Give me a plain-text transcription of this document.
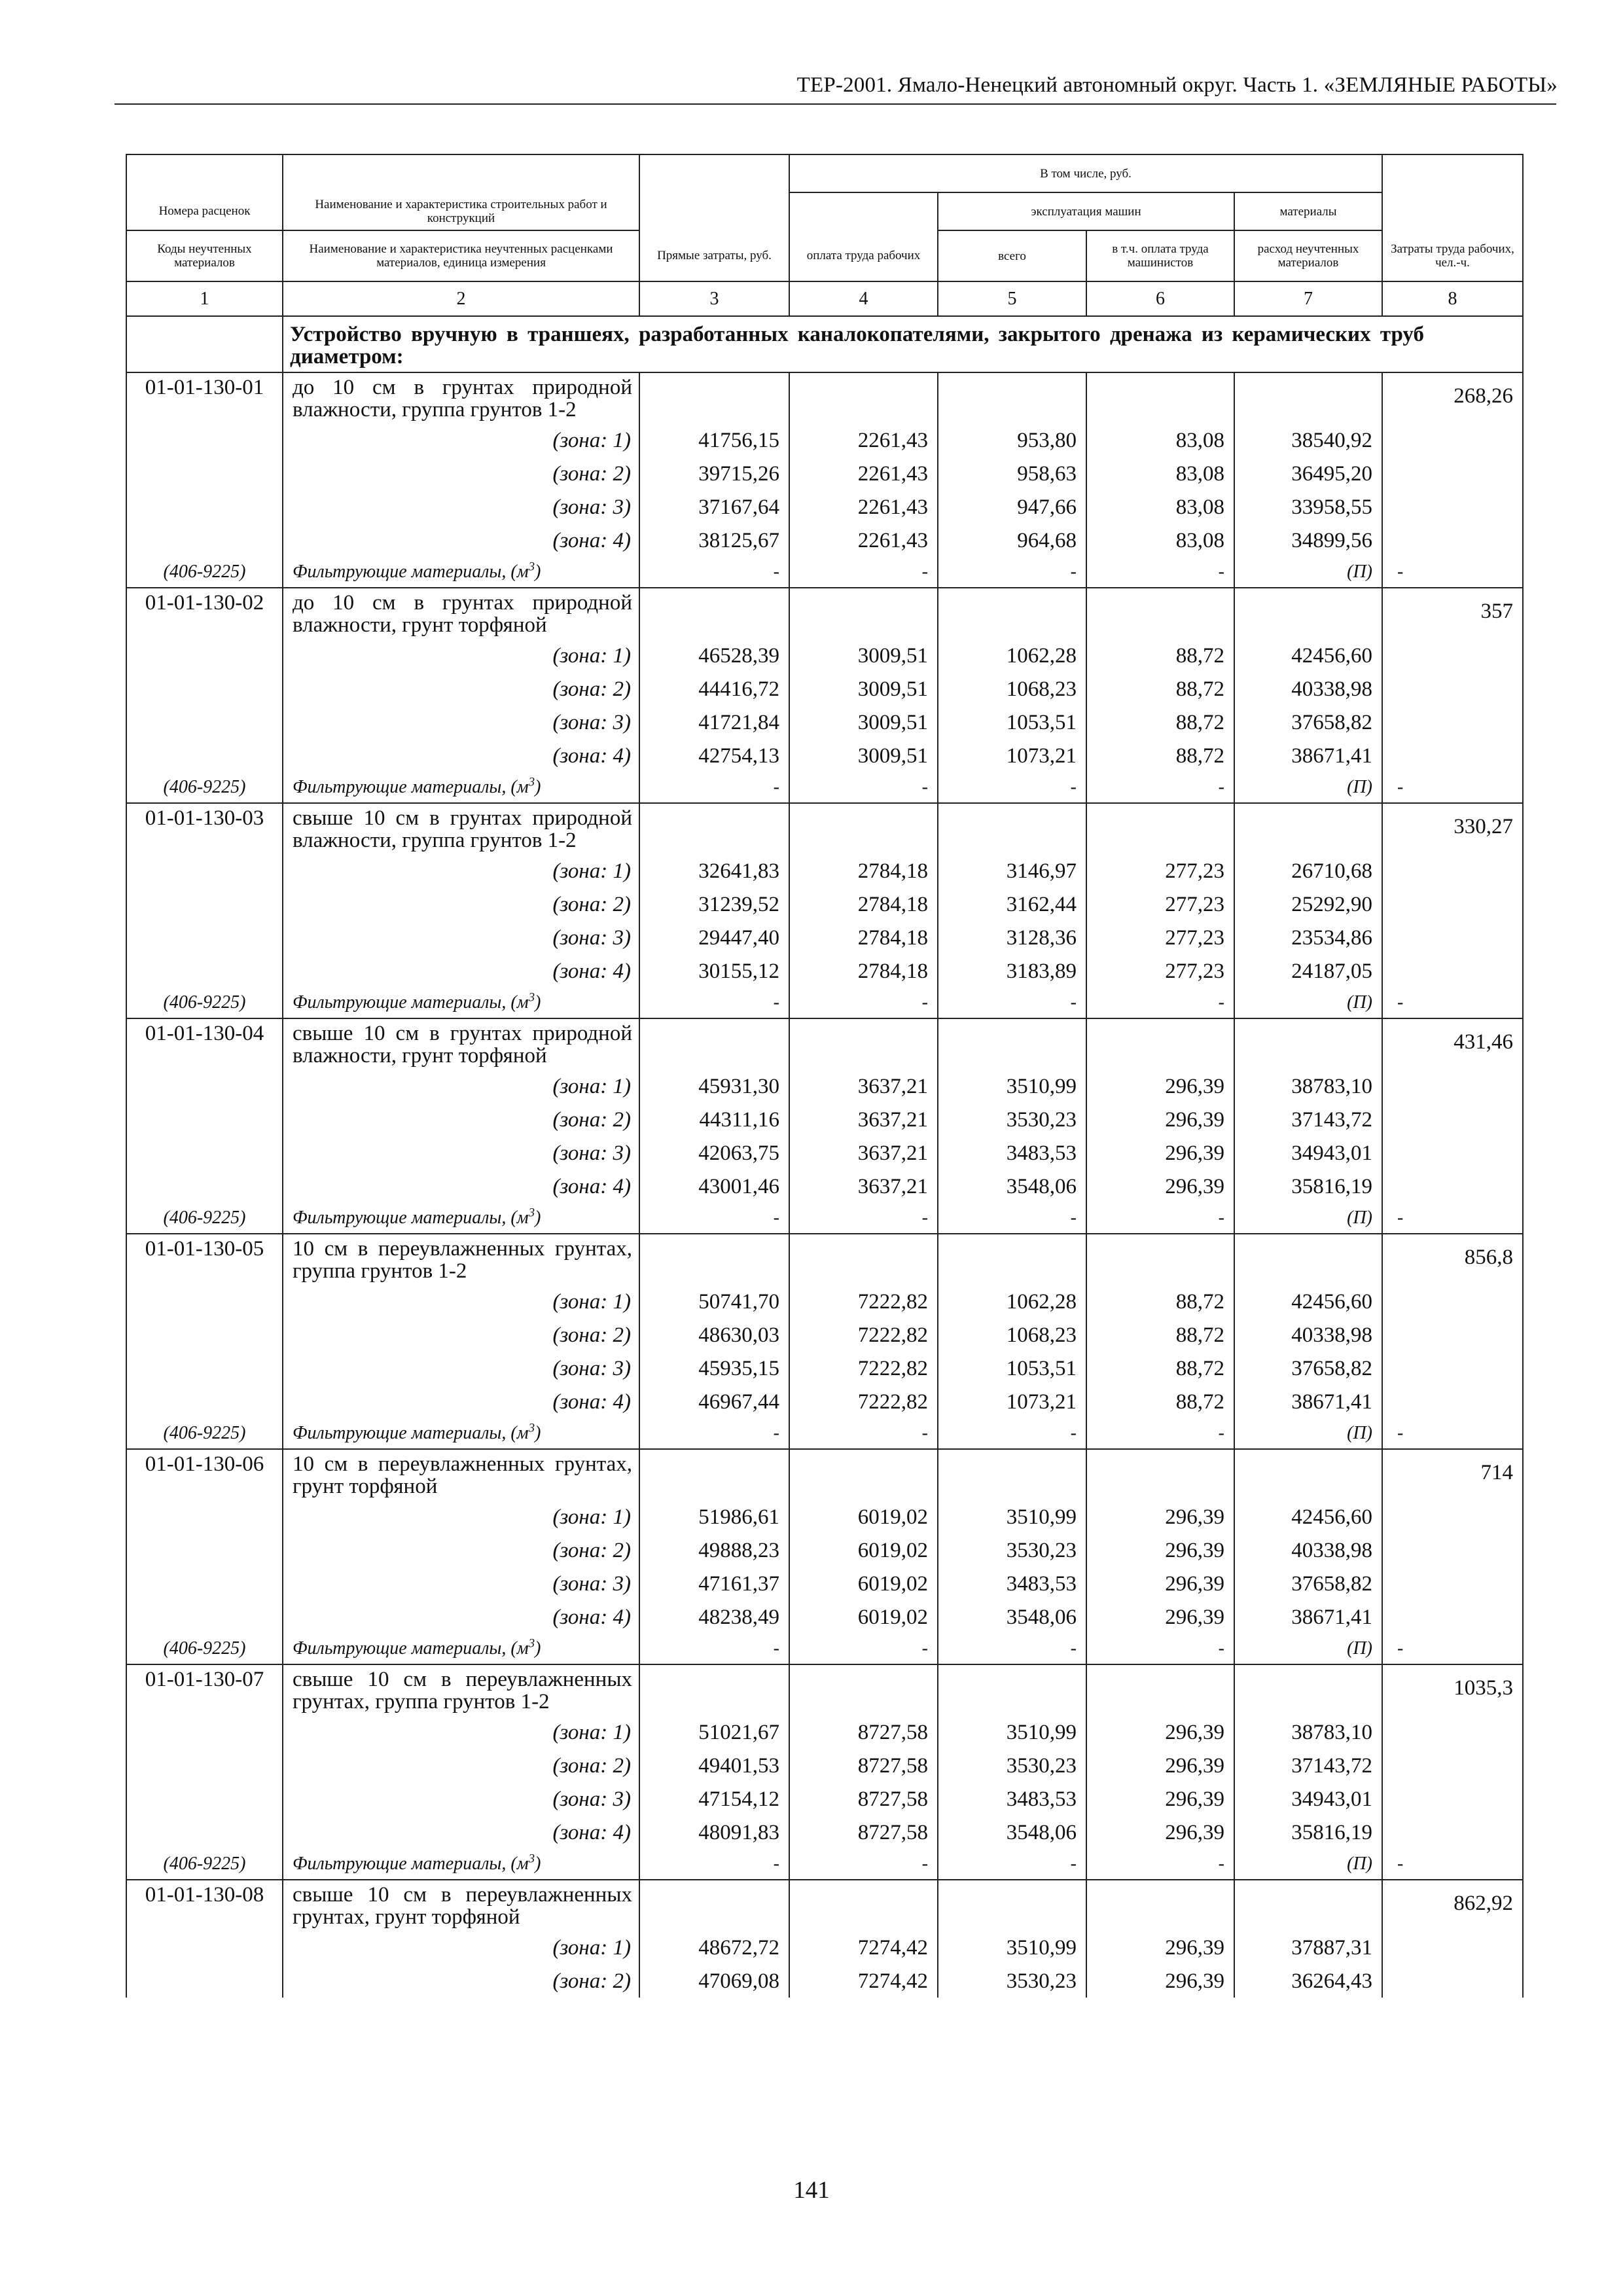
ТЕР-2001. Ямало-Ненецкий автономный округ. Часть 1. «ЗЕМЛЯНЫЕ РАБОТЫ»
			В том числе, руб.				
Номера расценок	Наименование и характеристика строительных работ и конструкций			эксплуатация машин		материалы	
Коды неучтенных материалов	Наименование и характеристика неучтенных расценками материалов, единица измерения	Прямые затраты, руб.	оплата труда рабочих	всего	в т.ч. оплата труда машинистов	расход неучтенных материалов	Затраты труда рабочих, чел.-ч.
1	2	3	4	5	6	7	8
	Устройство вручную в траншеях, разработанных каналокопателями, закрытого дренажа из керамических труб диаметром:						
01-01-130-01	до 10 см в грунтах природной влажности, группа грунтов 1-2						268,26
	(зона: 1)	41756,15	2261,43	953,80	83,08	38540,92	
	(зона: 2)	39715,26	2261,43	958,63	83,08	36495,20	
	(зона: 3)	37167,64	2261,43	947,66	83,08	33958,55	
	(зона: 4)	38125,67	2261,43	964,68	83,08	34899,56	
(406-9225)	Фильтрующие материалы, $(м^3)$	-	-	-	-	(П)	-
01-01-130-02	до 10 см в грунтах природной влажности, грунт торфяной						357
	(зона: 1)	46528,39	3009,51	1062,28	88,72	42456,60	
	(зона: 2)	44416,72	3009,51	1068,23	88,72	40338,98	
	(зона: 3)	41721,84	3009,51	1053,51	88,72	37658,82	
	(зона: 4)	42754,13	3009,51	1073,21	88,72	38671,41	
(406-9225)	Фильтрующие материалы, $(м^3)$	-	-	-	-	(П)	-
01-01-130-03	свыше 10 см в грунтах природной влажности, группа грунтов 1-2						330,27
	(зона: 1)	32641,83	2784,18	3146,97	277,23	26710,68	
	(зона: 2)	31239,52	2784,18	3162,44	277,23	25292,90	
	(зона: 3)	29447,40	2784,18	3128,36	277,23	23534,86	
	(зона: 4)	30155,12	2784,18	3183,89	277,23	24187,05	
(406-9225)	Фильтрующие материалы, $(м^3)$	-	-	-	-	(П)	-
01-01-130-04	свыше 10 см в грунтах природной влажности, грунт торфяной						431,46
	(зона: 1)	45931,30	3637,21	3510,99	296,39	38783,10	
	(зона: 2)	44311,16	3637,21	3530,23	296,39	37143,72	
	(зона: 3)	42063,75	3637,21	3483,53	296,39	34943,01	
	(зона: 4)	43001,46	3637,21	3548,06	296,39	35816,19	
(406-9225)	Фильтрующие материалы, $(м^3)$	-	-	-	-	(П)	-
01-01-130-05	10 см в переувлажненных грунтах, группа грунтов 1-2						856,8
	(зона: 1)	50741,70	7222,82	1062,28	88,72	42456,60	
	(зона: 2)	48630,03	7222,82	1068,23	88,72	40338,98	
	(зона: 3)	45935,15	7222,82	1053,51	88,72	37658,82	
	(зона: 4)	46967,44	7222,82	1073,21	88,72	38671,41	
(406-9225)	Фильтрующие материалы, $(м^3)$	-	-	-	-	(П)	-
01-01-130-06	10 см в переувлажненных грунтах, грунт торфяной						714
	(зона: 1)	51986,61	6019,02	3510,99	296,39	42456,60	
	(зона: 2)	49888,23	6019,02	3530,23	296,39	40338,98	
	(зона: 3)	47161,37	6019,02	3483,53	296,39	37658,82	
	(зона: 4)	48238,49	6019,02	3548,06	296,39	38671,41	
(406-9225)	Фильтрующие материалы, $(м^3)$	-	-	-	-	(П)	-
01-01-130-07	свыше 10 см в переувлажненных грунтах, группа грунтов 1-2						1035,3
	(зона: 1)	51021,67	8727,58	3510,99	296,39	38783,10	
	(зона: 2)	49401,53	8727,58	3530,23	296,39	37143,72	
	(зона: 3)	47154,12	8727,58	3483,53	296,39	34943,01	
	(зона: 4)	48091,83	8727,58	3548,06	296,39	35816,19	
(406-9225)	Фильтрующие материалы, $(м^3)$	-	-	-	-	(П)	-
01-01-130-08	свыше 10 см в переувлажненных грунтах, грунт торфяной						862,92
	(зона: 1)	48672,72	7274,42	3510,99	296,39	37887,31	
	(зона: 2)	47069,08	7274,42	3530,23	296,39	36264,43	
141
